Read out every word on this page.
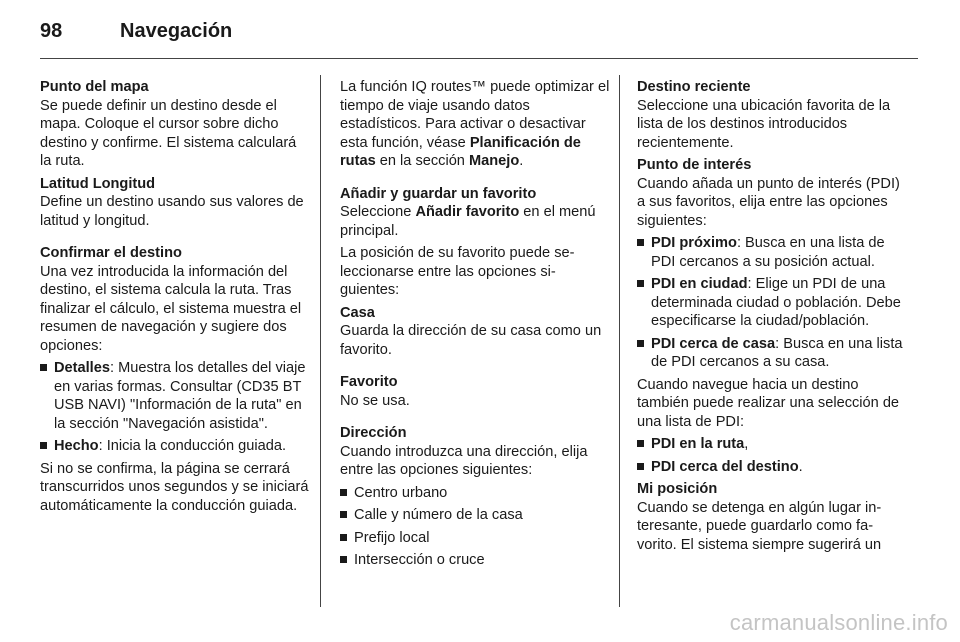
98	Navegación
Punto del mapa
Se puede definir un destino desde el mapa. Coloque el cursor sobre dicho destino y confirme. El sistema calculará la ruta.
Latitud Longitud
Define un destino usando sus valores de latitud y longitud.
Confirmar el destino
Una vez introducida la información del destino, el sistema calcula la ruta. Tras finalizar el cálculo, el sistema muestra el resumen de navegación y sugiere dos opciones:
Detalles: Muestra los detalles del viaje en varias formas. Consultar (CD35 BT USB NAVI) "Información de la ruta" en la sección "Navegación asistida".
Hecho: Inicia la conducción guiada.
Si no se confirma, la página se cerrará transcurridos unos segundos y se iniciará automáticamente la conducción guiada.
La función IQ routes™ puede optimizar el tiempo de viaje usando datos estadísticos. Para activar o desactivar esta función, véase Planificación de rutas en la sección Manejo.
Añadir y guardar un favorito
Seleccione Añadir favorito en el menú principal.
La posición de su favorito puede seleccionarse entre las opciones siguientes:
Casa
Guarda la dirección de su casa como un favorito.
Favorito
No se usa.
Dirección
Cuando introduzca una dirección, elija entre las opciones siguientes:
Centro urbano
Calle y número de la casa
Prefijo local
Intersección o cruce
Destino reciente
Seleccione una ubicación favorita de la lista de los destinos introducidos recientemente.
Punto de interés
Cuando añada un punto de interés (PDI) a sus favoritos, elija entre las opciones siguientes:
PDI próximo: Busca en una lista de PDI cercanos a su posición actual.
PDI en ciudad: Elige un PDI de una determinada ciudad o población. Debe especificarse la ciudad/población.
PDI cerca de casa: Busca en una lista de PDI cercanos a su casa.
Cuando navegue hacia un destino también puede realizar una selección de una lista de PDI:
PDI en la ruta,
PDI cerca del destino.
Mi posición
Cuando se detenga en algún lugar interesante, puede guardarlo como favorito. El sistema siempre sugerirá un
carmanualsonline.info
